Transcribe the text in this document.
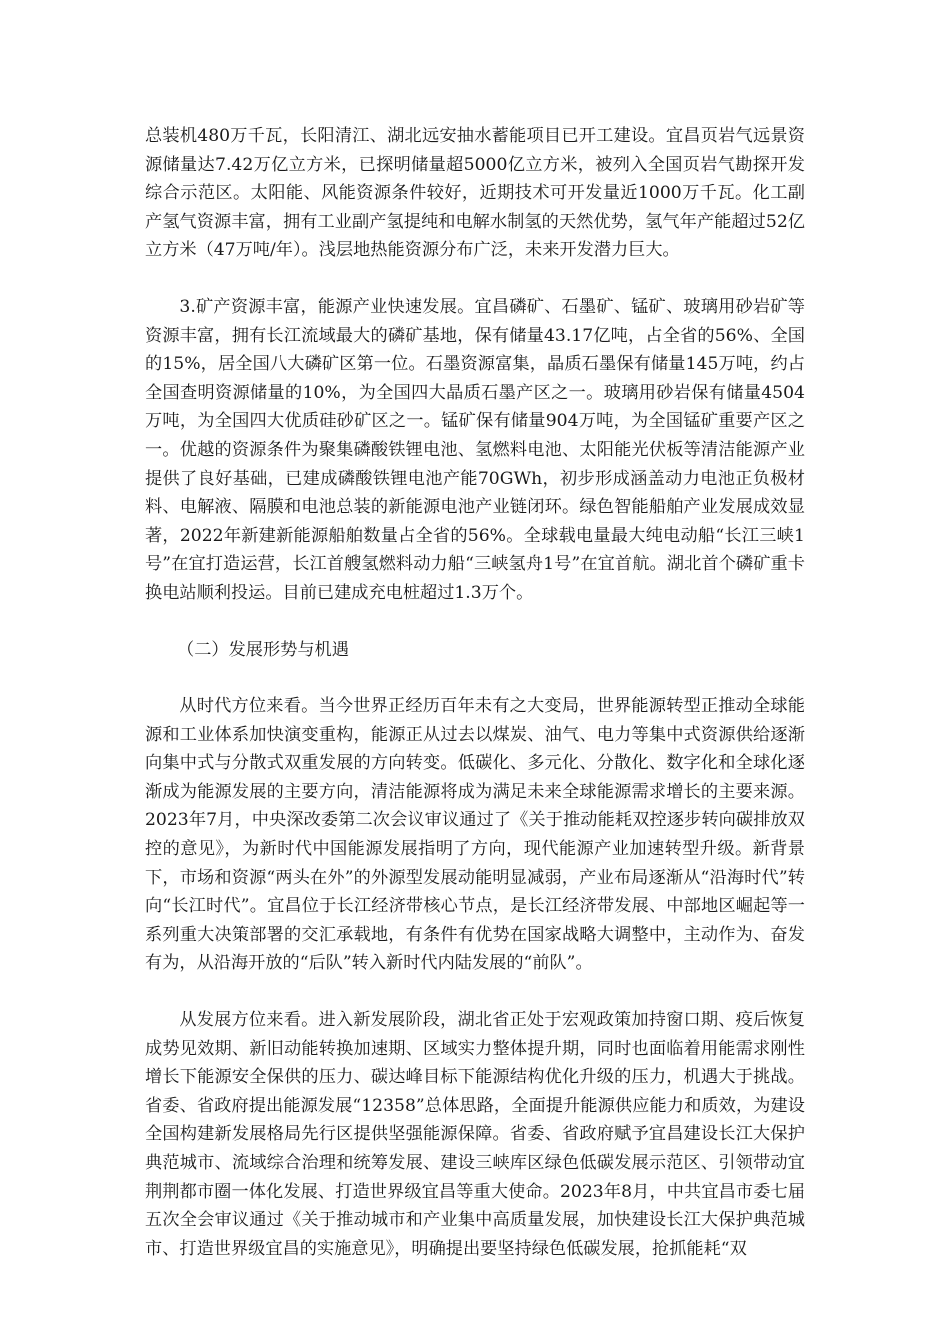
总装机480万千瓦，长阳清江、湖北远安抽水蓄能项目已开工建设。宜昌页岩气远景资源储量达7.42万亿立方米，已探明储量超5000亿立方米，被列入全国页岩气勘探开发综合示范区。太阳能、风能资源条件较好，近期技术可开发量近1000万千瓦。化工副产氢气资源丰富，拥有工业副产氢提纯和电解水制氢的天然优势，氢气年产能超过52亿立方米（47万吨/年）。浅层地热能资源分布广泛，未来开发潜力巨大。

3.矿产资源丰富，能源产业快速发展。宜昌磷矿、石墨矿、锰矿、玻璃用砂岩矿等资源丰富，拥有长江流域最大的磷矿基地，保有储量43.17亿吨，占全省的56%、全国的15%，居全国八大磷矿区第一位。石墨资源富集，晶质石墨保有储量145万吨，约占全国查明资源储量的10%，为全国四大晶质石墨产区之一。玻璃用砂岩保有储量4504万吨，为全国四大优质硅砂矿区之一。锰矿保有储量904万吨，为全国锰矿重要产区之一。优越的资源条件为聚集磷酸铁锂电池、氢燃料电池、太阳能光伏板等清洁能源产业提供了良好基础，已建成磷酸铁锂电池产能70GWh，初步形成涵盖动力电池正负极材料、电解液、隔膜和电池总装的新能源电池产业链闭环。绿色智能船舶产业发展成效显著，2022年新建新能源船舶数量占全省的56%。全球载电量最大纯电动船“长江三峡1号”在宜打造运营，长江首艘氢燃料动力船“三峡氢舟1号”在宜首航。湖北首个磷矿重卡换电站顺利投运。目前已建成充电桩超过1.3万个。

（二）发展形势与机遇

从时代方位来看。当今世界正经历百年未有之大变局，世界能源转型正推动全球能源和工业体系加快演变重构，能源正从过去以煤炭、油气、电力等集中式资源供给逐渐向集中式与分散式双重发展的方向转变。低碳化、多元化、分散化、数字化和全球化逐渐成为能源发展的主要方向，清洁能源将成为满足未来全球能源需求增长的主要来源。2023年7月，中央深改委第二次会议审议通过了《关于推动能耗双控逐步转向碳排放双控的意见》，为新时代中国能源发展指明了方向，现代能源产业加速转型升级。新背景下，市场和资源“两头在外”的外源型发展动能明显减弱，产业布局逐渐从“沿海时代”转向“长江时代”。宜昌位于长江经济带核心节点，是长江经济带发展、中部地区崛起等一系列重大决策部署的交汇承载地，有条件有优势在国家战略大调整中，主动作为、奋发有为，从沿海开放的“后队”转入新时代内陆发展的“前队”。

从发展方位来看。进入新发展阶段，湖北省正处于宏观政策加持窗口期、疫后恢复成势见效期、新旧动能转换加速期、区域实力整体提升期，同时也面临着用能需求刚性增长下能源安全保供的压力、碳达峰目标下能源结构优化升级的压力，机遇大于挑战。省委、省政府提出能源发展“12358”总体思路，全面提升能源供应能力和质效，为建设全国构建新发展格局先行区提供坚强能源保障。省委、省政府赋予宜昌建设长江大保护典范城市、流域综合治理和统筹发展、建设三峡库区绿色低碳发展示范区、引领带动宜荆荆都市圈一体化发展、打造世界级宜昌等重大使命。2023年8月，中共宜昌市委七届五次全会审议通过《关于推动城市和产业集中高质量发展，加快建设长江大保护典范城市、打造世界级宜昌的实施意见》，明确提出要坚持绿色低碳发展，抢抓能耗“双
